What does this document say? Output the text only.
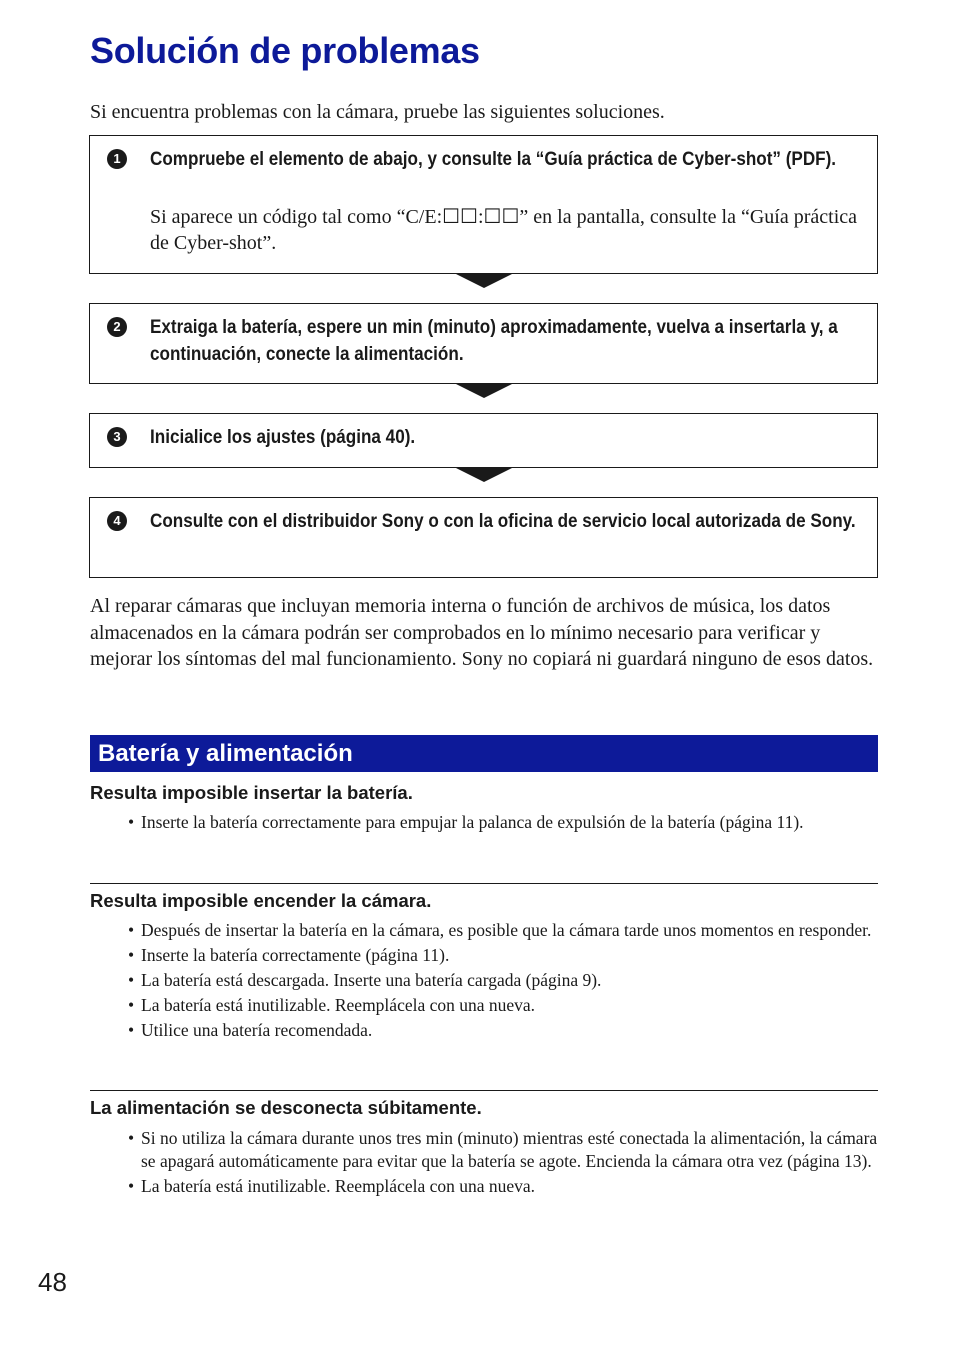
Solución de problemas

Si encuentra problemas con la cámara, pruebe las siguientes soluciones.

1	Compruebe el elemento de abajo, y consulte la “Guía práctica de Cyber-shot” (PDF).

Si aparece un código tal como “C/E:☐☐:☐☐” en la pantalla, consulte la “Guía práctica de Cyber-shot”.

2	Extraiga la batería, espere un min (minuto) aproximadamente, vuelva a insertarla y, a continuación, conecte la alimentación.

3	Inicialice los ajustes (página 40).

4	Consulte con el distribuidor Sony o con la oficina de servicio local autorizada de Sony.

Al reparar cámaras que incluyan memoria interna o función de archivos de música, los datos almacenados en la cámara podrán ser comprobados en lo mínimo necesario para verificar y mejorar los síntomas del mal funcionamiento. Sony no copiará ni guardará ninguno de esos datos.

Batería y alimentación

Resulta imposible insertar la batería.

• Inserte la batería correctamente para empujar la palanca de expulsión de la batería (página 11).

Resulta imposible encender la cámara.

• Después de insertar la batería en la cámara, es posible que la cámara tarde unos momentos en responder.
• Inserte la batería correctamente (página 11).
• La batería está descargada. Inserte una batería cargada (página 9).
• La batería está inutilizable. Reemplácela con una nueva.
• Utilice una batería recomendada.

La alimentación se desconecta súbitamente.

• Si no utiliza la cámara durante unos tres min (minuto) mientras esté conectada la alimentación, la cámara se apagará automáticamente para evitar que la batería se agote. Encienda la cámara otra vez (página 13).
• La batería está inutilizable. Reemplácela con una nueva.

48
